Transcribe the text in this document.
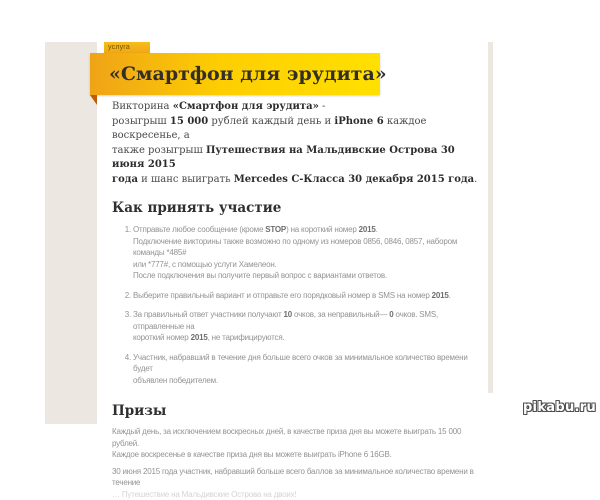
Викторина «Смартфон для эрудита» -
розыгрыш 15 000 рублей каждый день и iPhone 6 каждое воскресенье, а
также розыгрыш Путешествия на Мальдивские Острова 30 июня 2015
года и шанс выиграть Mercedes C-Класса 30 декабря 2015 года.

Как принять участие
1. Отправьте любое сообщение (кроме STOP) на короткий номер 2015.
Подключение викторины также возможно по одному из номеров 0856, 0846, 0857, набором команды *485#
или *777#, с помощью услуги Хамелеон.
После подключения вы получите первый вопрос с вариантами ответов.
2. Выберите правильный вариант и отправьте его порядковый номер в SMS на номер 2015.
3. За правильный ответ участники получают 10 очков, за неправильный— 0 очков. SMS, отправленные на
короткий номер 2015, не тарифицируются.
4. Участник, набравший в течение дня больше всего очков за минимальное количество времени будет
объявлен победителем.
Призы

Каждый день, за исключением воскресных дней, в качестве приза дня вы можете выиграть 15 000 рублей.
Каждое воскресенье в качестве приза дня вы можете выиграть iPhone 6 16GB.

30 июня 2015 года участник, набравший больше всего баллов за минимальное количество времени в течение
… Путешествие на Мальдивские Острова на двоих!

услуга
«Смартфон для эрудита»
pikabu.ru
